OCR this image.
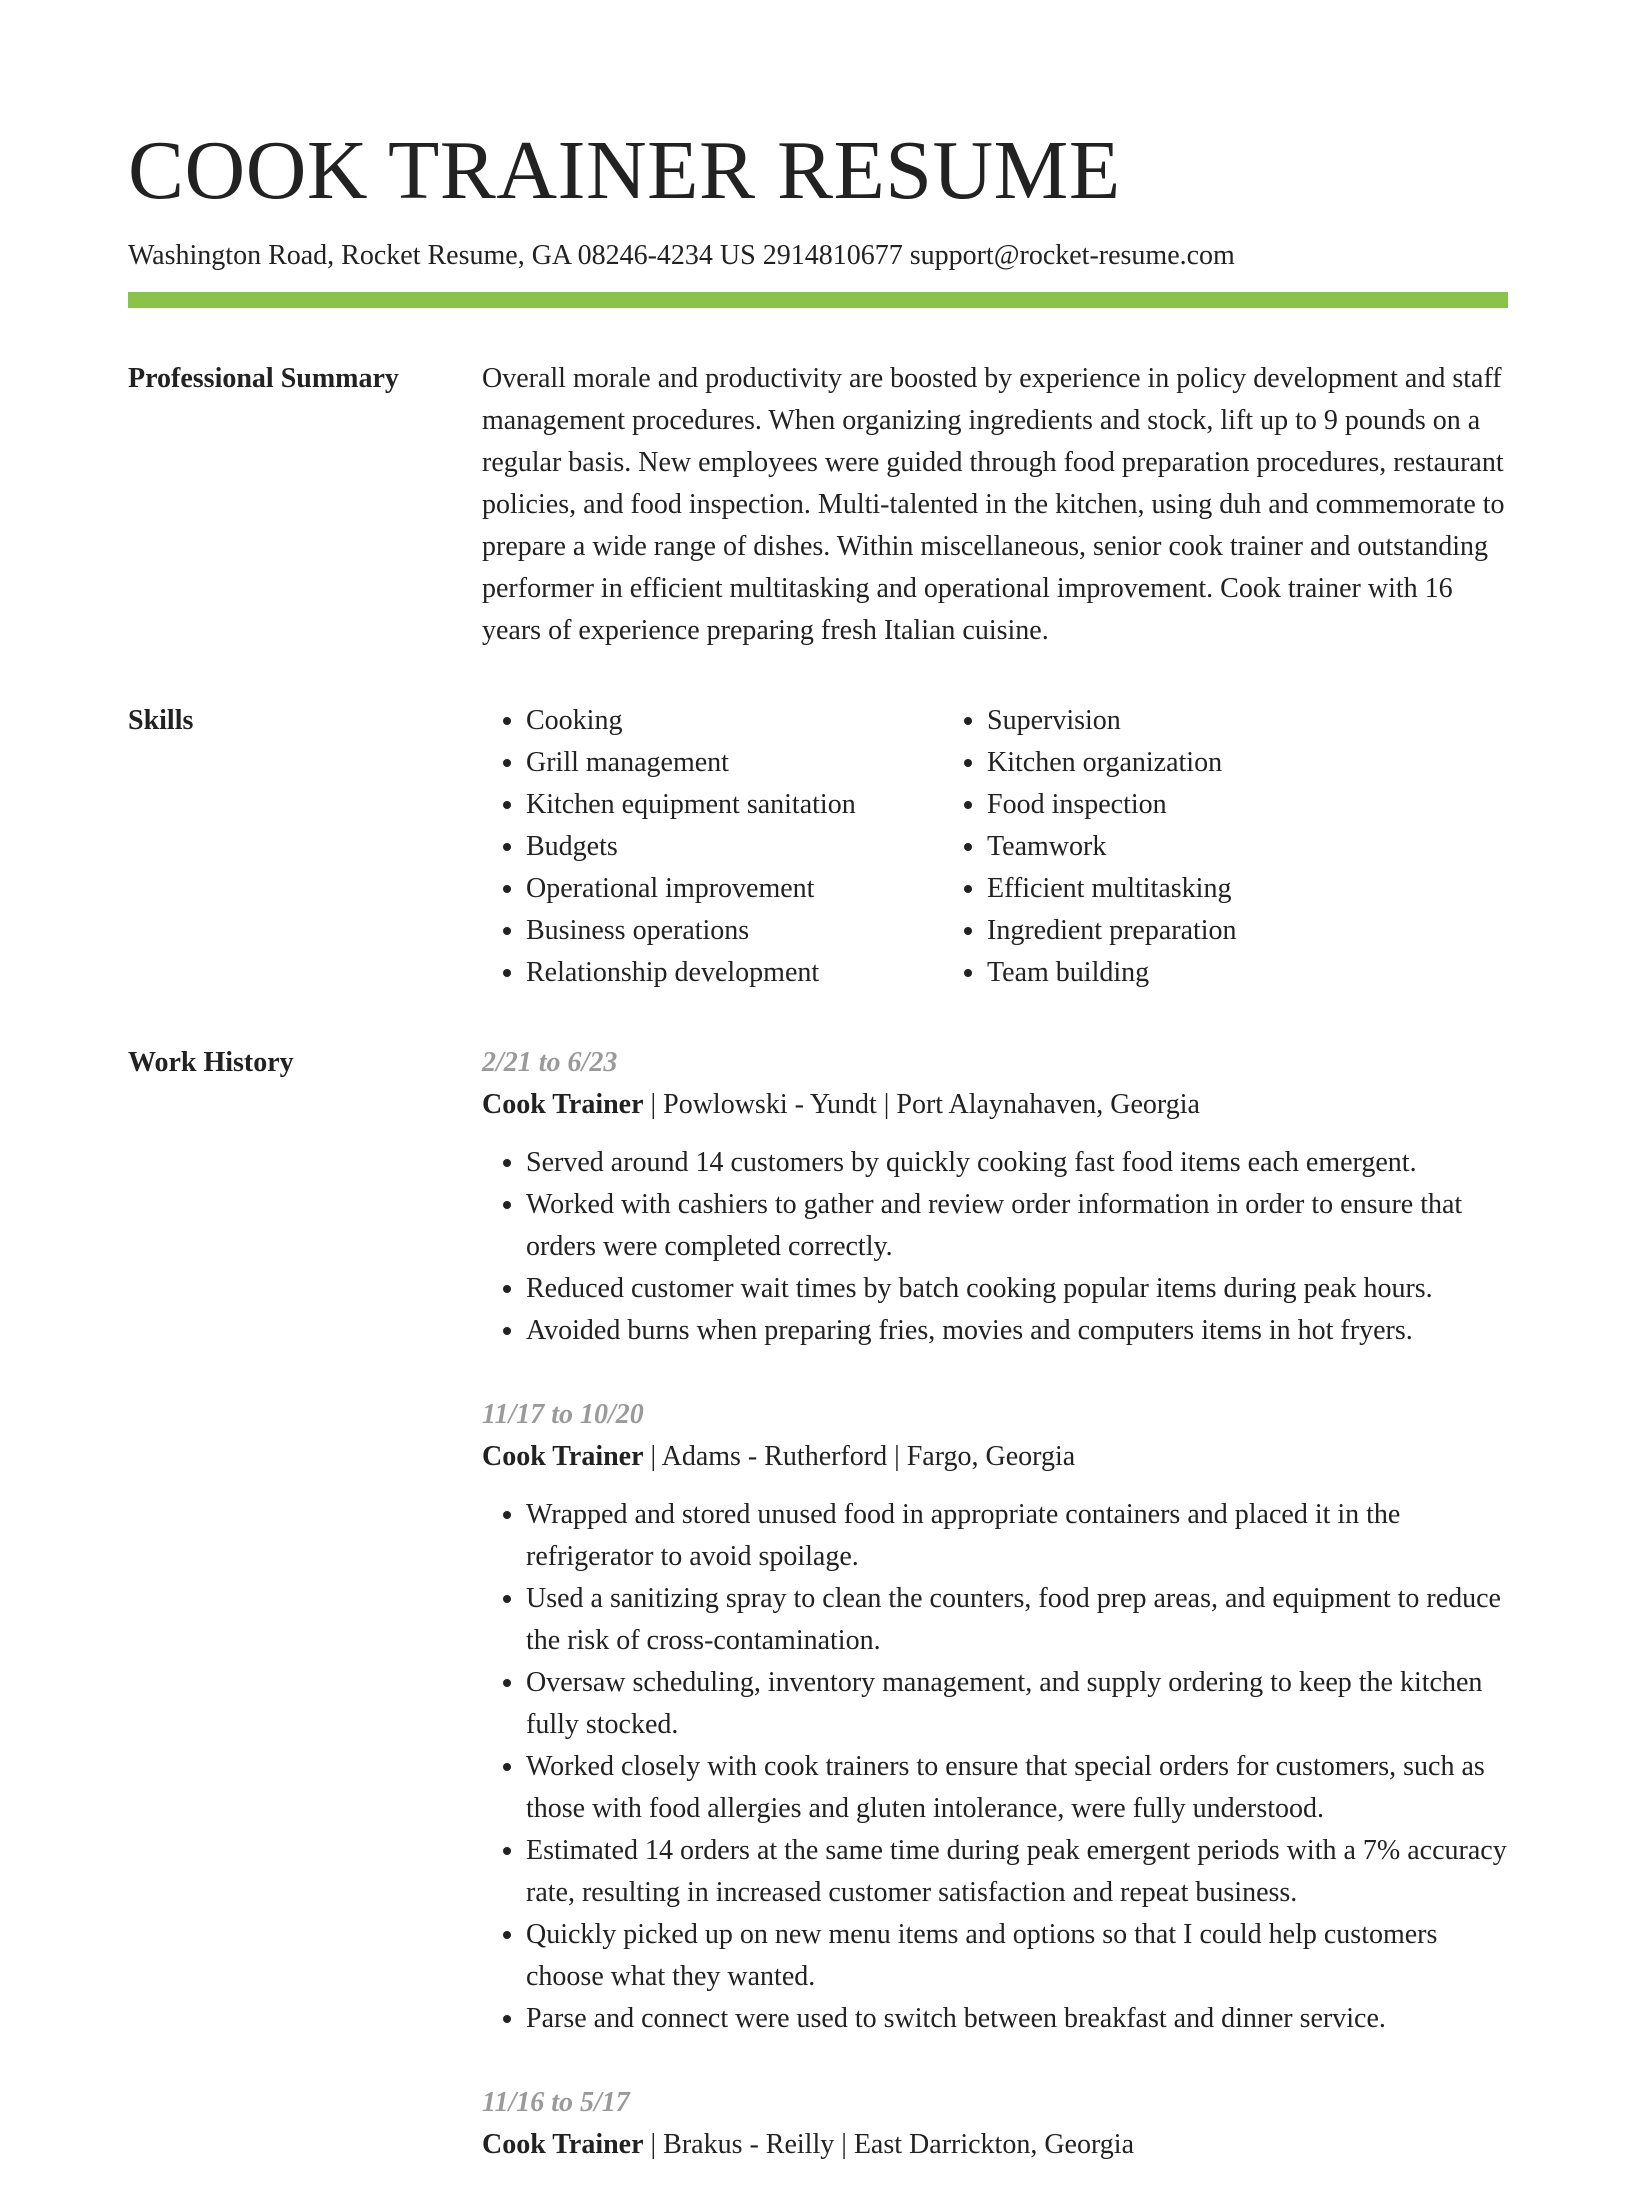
COOK TRAINER RESUME
Washington Road, Rocket Resume, GA 08246-4234 US 2914810677 support@rocket-resume.com
Professional Summary	Overall morale and productivity are boosted by experience in policy development and staff management procedures. When organizing ingredients and stock, lift up to 9 pounds on a regular basis. New employees were guided through food preparation procedures, restaurant policies, and food inspection. Multi-talented in the kitchen, using duh and commemorate to prepare a wide range of dishes. Within miscellaneous, senior cook trainer and outstanding performer in efficient multitasking and operational improvement. Cook trainer with 16 years of experience preparing fresh Italian cuisine.

Skills
•	Cooking
• Grill management
• Kitchen equipment sanitation
• Budgets
• Operational improvement
• Business operations
• Relationship development
• Supervision
• Kitchen organization
• Food inspection
• Teamwork
• Efficient multitasking
• Ingredient preparation
• Team building
Work History	2/21 to 6/23
Cook Trainer | Powlowski - Yundt | Port Alaynahaven, Georgia
• Served around 14 customers by quickly cooking fast food items each emergent.
• Worked with cashiers to gather and review order information in order to ensure that orders were completed correctly.
• Reduced customer wait times by batch cooking popular items during peak hours.
• Avoided burns when preparing fries, movies and computers items in hot fryers.
11/17 to 10/20
Cook Trainer | Adams - Rutherford | Fargo, Georgia
• Wrapped and stored unused food in appropriate containers and placed it in the refrigerator to avoid spoilage.
• Used a sanitizing spray to clean the counters, food prep areas, and equipment to reduce the risk of cross-contamination.
• Oversaw scheduling, inventory management, and supply ordering to keep the kitchen fully stocked.
• Worked closely with cook trainers to ensure that special orders for customers, such as those with food allergies and gluten intolerance, were fully understood.
• Estimated 14 orders at the same time during peak emergent periods with a 7% accuracy rate, resulting in increased customer satisfaction and repeat business.
• Quickly picked up on new menu items and options so that I could help customers choose what they wanted.
• Parse and connect were used to switch between breakfast and dinner service.
11/16 to 5/17
Cook Trainer | Brakus - Reilly | East Darrickton, Georgia
